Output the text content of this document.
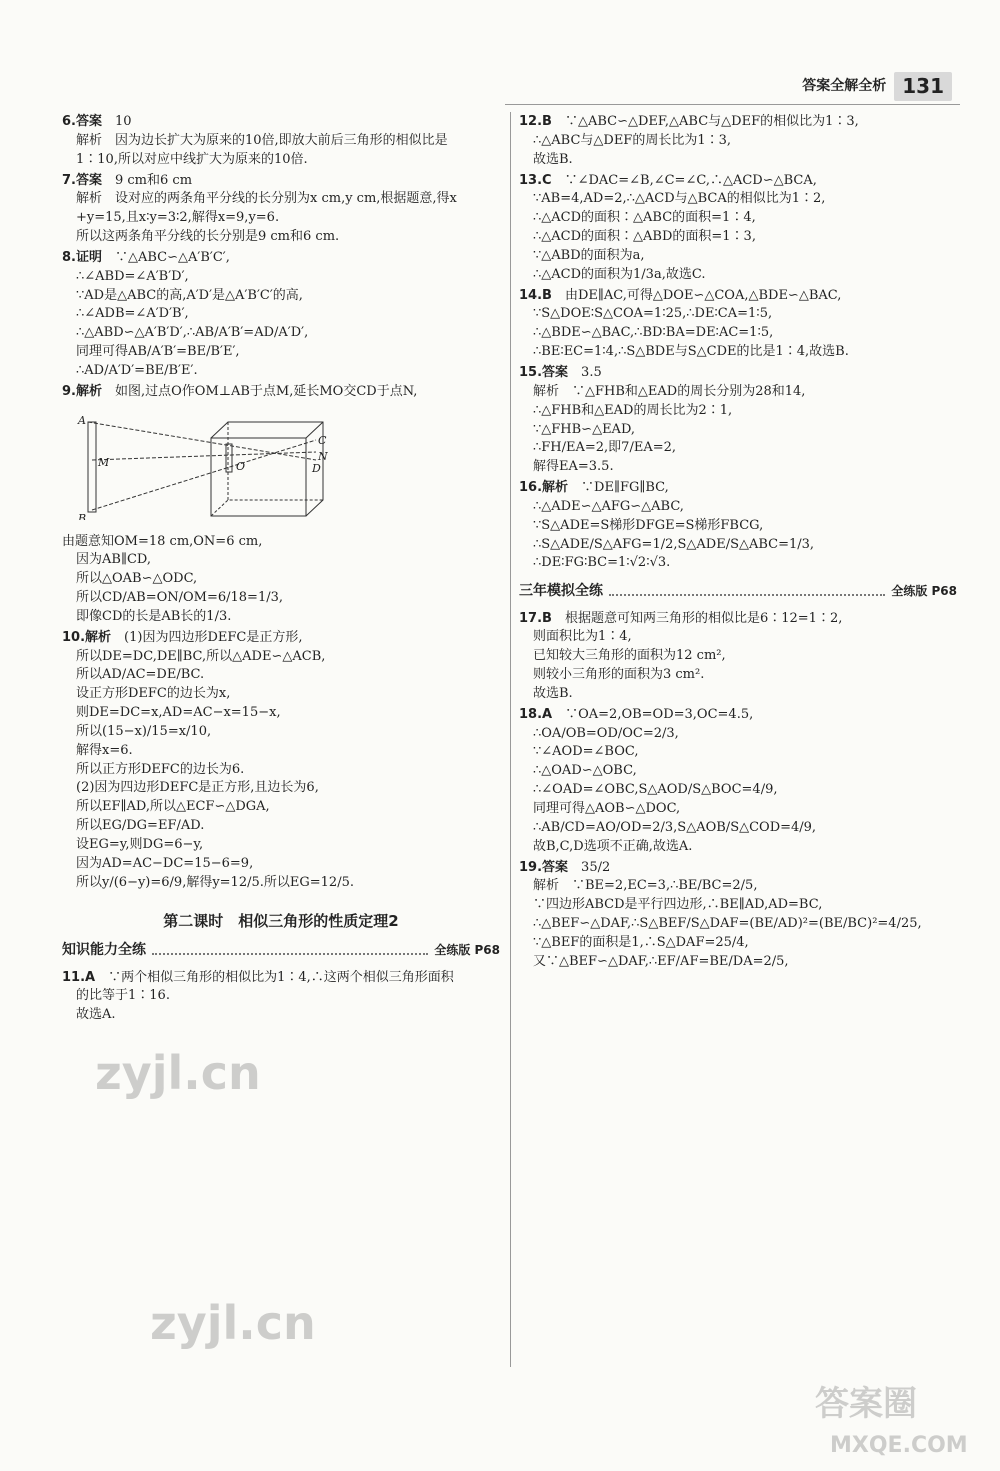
答案全解全析 131
6.答案　 10
解析　因为边长扩大为原来的10倍,即放大前后三角形的相似比是
1∶10,所以对应中线扩大为原来的10倍.
7.答案　 9 cm和6 cm
解析　设对应的两条角平分线的长分别为x cm,y cm,根据题意,得x
+y=15,且x∶y=3∶2,解得x=9,y=6.
所以这两条角平分线的长分别是9 cm和6 cm.
8.证明　 ∵△ABC∽△A′B′C′,
∴∠ABD=∠A′B′D′,
∵AD是△ABC的高,A′D′是△A′B′C′的高,
∴∠ADB=∠A′D′B′,
∴△ABD∽△A′B′D′,∴AB/A′B′=AD/A′D′,
同理可得AB/A′B′=BE/B′E′,
∴AD/A′D′=BE/B′E′.
9.解析　 如图,过点O作OM⊥AB于点M,延长MO交CD于点N,
A
M
B
O
C
N
D
由题意知OM=18 cm,ON=6 cm,
因为AB∥CD,
所以△OAB∽△ODC,
所以CD/AB=ON/OM=6/18=1/3,
即像CD的长是AB长的1/3.
10.解析　 (1)因为四边形DEFC是正方形,
所以DE=DC,DE∥BC,所以△ADE∽△ACB,
所以AD/AC=DE/BC.
设正方形DEFC的边长为x,
则DE=DC=x,AD=AC−x=15−x,
所以(15−x)/15=x/10,
解得x=6.
所以正方形DEFC的边长为6.
(2)因为四边形DEFC是正方形,且边长为6,
所以EF∥AD,所以△ECF∽△DGA,
所以EG/DG=EF/AD.
设EG=y,则DG=6−y,
因为AD=AC−DC=15−6=9,
所以y/(6−y)=6/9,解得y=12/5.所以EG=12/5.
第二课时　相似三角形的性质定理2
知识能力全练	全练版 P68
11.A　 ∵两个相似三角形的相似比为1∶4,∴这两个相似三角形面积
的比等于1∶16.
故选A.
12.B　 ∵△ABC∽△DEF,△ABC与△DEF的相似比为1∶3,
∴△ABC与△DEF的周长比为1∶3,
故选B.
13.C　 ∵∠DAC=∠B,∠C=∠C,∴△ACD∽△BCA,
∵AB=4,AD=2,∴△ACD与△BCA的相似比为1∶2,
∴△ACD的面积∶△ABC的面积=1∶4,
∴△ACD的面积∶△ABD的面积=1∶3,
∵△ABD的面积为a,
∴△ACD的面积为1/3a,故选C.
14.B　 由DE∥AC,可得△DOE∽△COA,△BDE∽△BAC,
∵S△DOE∶S△COA=1∶25,∴DE∶CA=1∶5,
∴△BDE∽△BAC,∴BD∶BA=DE∶AC=1∶5,
∴BE∶EC=1∶4,∴S△BDE与S△CDE的比是1∶4,故选B.
15.答案　 3.5
解析　∵△FHB和△EAD的周长分别为28和14,
∴△FHB和△EAD的周长比为2∶1,
∵△FHB∽△EAD,
∴FH/EA=2,即7/EA=2,
解得EA=3.5.
16.解析　 ∵DE∥FG∥BC,
∴△ADE∽△AFG∽△ABC,
∵S△ADE=S梯形DFGE=S梯形FBCG,
∴S△ADE/S△AFG=1/2,S△ADE/S△ABC=1/3,
∴DE∶FG∶BC=1∶√2∶√3.
三年模拟全练	全练版 P68
17.B　 根据题意可知两三角形的相似比是6∶12=1∶2,
则面积比为1∶4,
已知较大三角形的面积为12 cm²,
则较小三角形的面积为3 cm².
故选B.
18.A　 ∵OA=2,OB=OD=3,OC=4.5,
∴OA/OB=OD/OC=2/3,
∵∠AOD=∠BOC,
∴△OAD∽△OBC,
∴∠OAD=∠OBC,S△AOD/S△BOC=4/9,
同理可得△AOB∽△DOC,
∴AB/CD=AO/OD=2/3,S△AOB/S△COD=4/9,
故B,C,D选项不正确,故选A.
19.答案　 35/2
解析　∵BE=2,EC=3,∴BE/BC=2/5,
∵四边形ABCD是平行四边形,∴BE∥AD,AD=BC,
∴△BEF∽△DAF,∴S△BEF/S△DAF=(BE/AD)²=(BE/BC)²=4/25,
∵△BEF的面积是1,∴S△DAF=25/4,
又∵△BEF∽△DAF,∴EF/AF=BE/DA=2/5,
zyjl.cn
zyjl.cn
答案圈
MXQE.COM
